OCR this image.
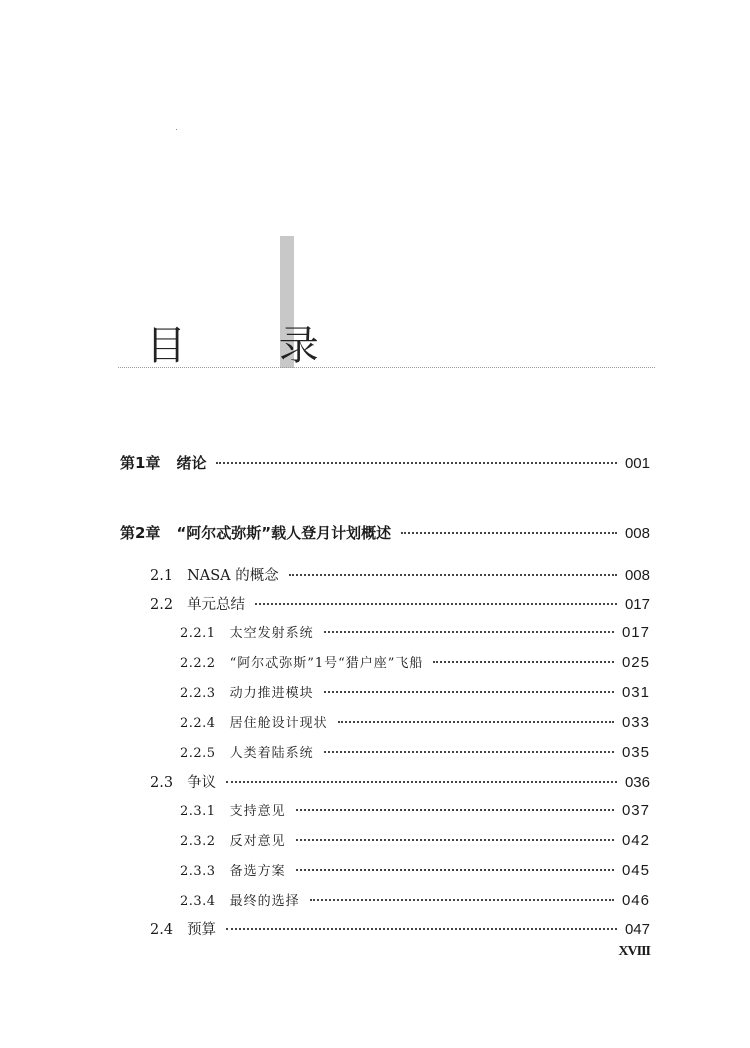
目 录
第1章 绪论	001
第2章 “阿尔忒弥斯”载人登月计划概述	008
2.1 NASA 的概念	008
2.2 单元总结	017
2.2.1 太空发射系统	017
2.2.2 “阿尔忒弥斯”1号“猎户座”飞船	025
2.2.3 动力推进模块	031
2.2.4 居住舱设计现状	033
2.2.5 人类着陆系统	035
2.3 争议	036
2.3.1 支持意见	037
2.3.2 反对意见	042
2.3.3 备选方案	045
2.3.4 最终的选择	046
2.4 预算	047
XVIII
